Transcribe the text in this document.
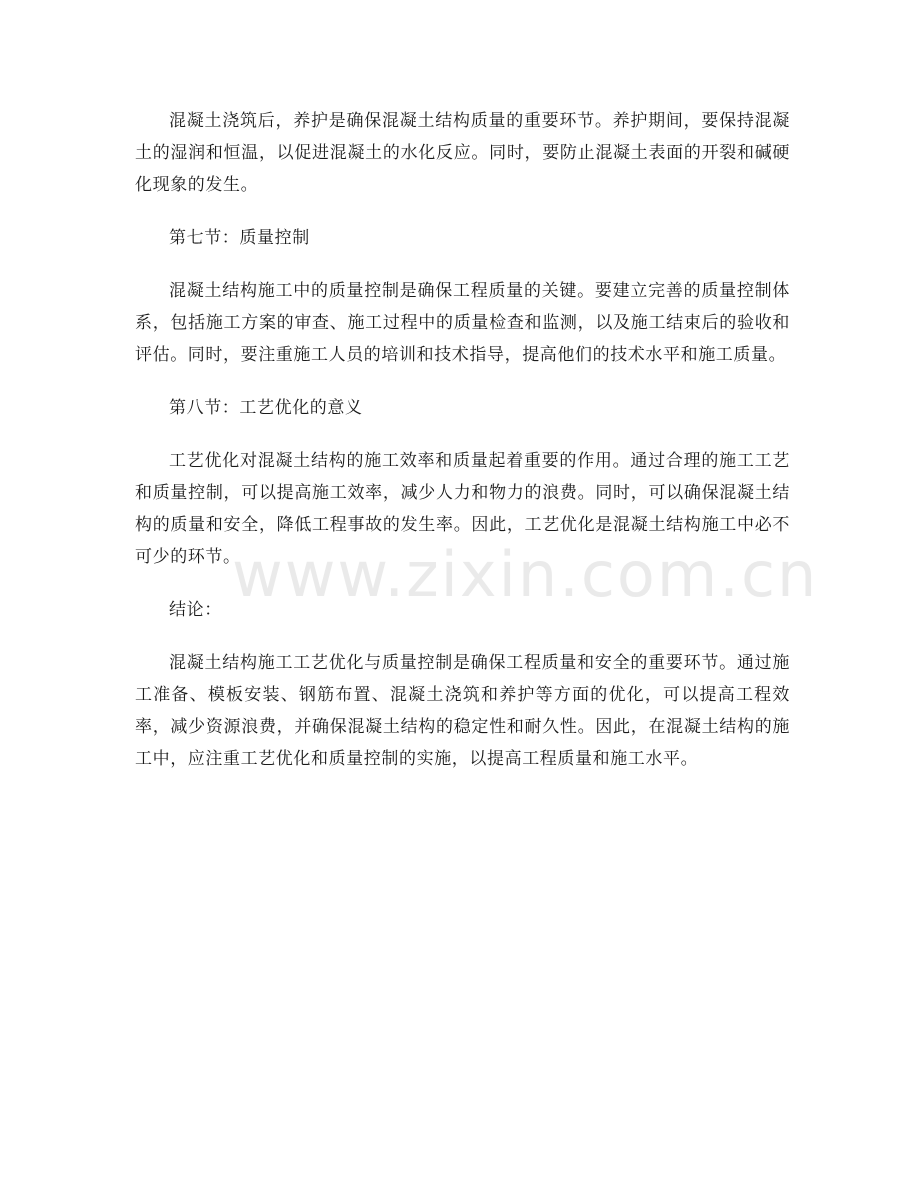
混凝土浇筑后，养护是确保混凝土结构质量的重要环节。养护期间，要保持混凝土的湿润和恒温，以促进混凝土的水化反应。同时，要防止混凝土表面的开裂和碱硬化现象的发生。

第七节：质量控制

混凝土结构施工中的质量控制是确保工程质量的关键。要建立完善的质量控制体系，包括施工方案的审查、施工过程中的质量检查和监测，以及施工结束后的验收和评估。同时，要注重施工人员的培训和技术指导，提高他们的技术水平和施工质量。

第八节：工艺优化的意义

工艺优化对混凝土结构的施工效率和质量起着重要的作用。通过合理的施工工艺和质量控制，可以提高施工效率，减少人力和物力的浪费。同时，可以确保混凝土结构的质量和安全，降低工程事故的发生率。因此，工艺优化是混凝土结构施工中必不可少的环节。

结论：

混凝土结构施工工艺优化与质量控制是确保工程质量和安全的重要环节。通过施工准备、模板安装、钢筋布置、混凝土浇筑和养护等方面的优化，可以提高工程效率，减少资源浪费，并确保混凝土结构的稳定性和耐久性。因此，在混凝土结构的施工中，应注重工艺优化和质量控制的实施，以提高工程质量和施工水平。

www.zixin.com.cn
